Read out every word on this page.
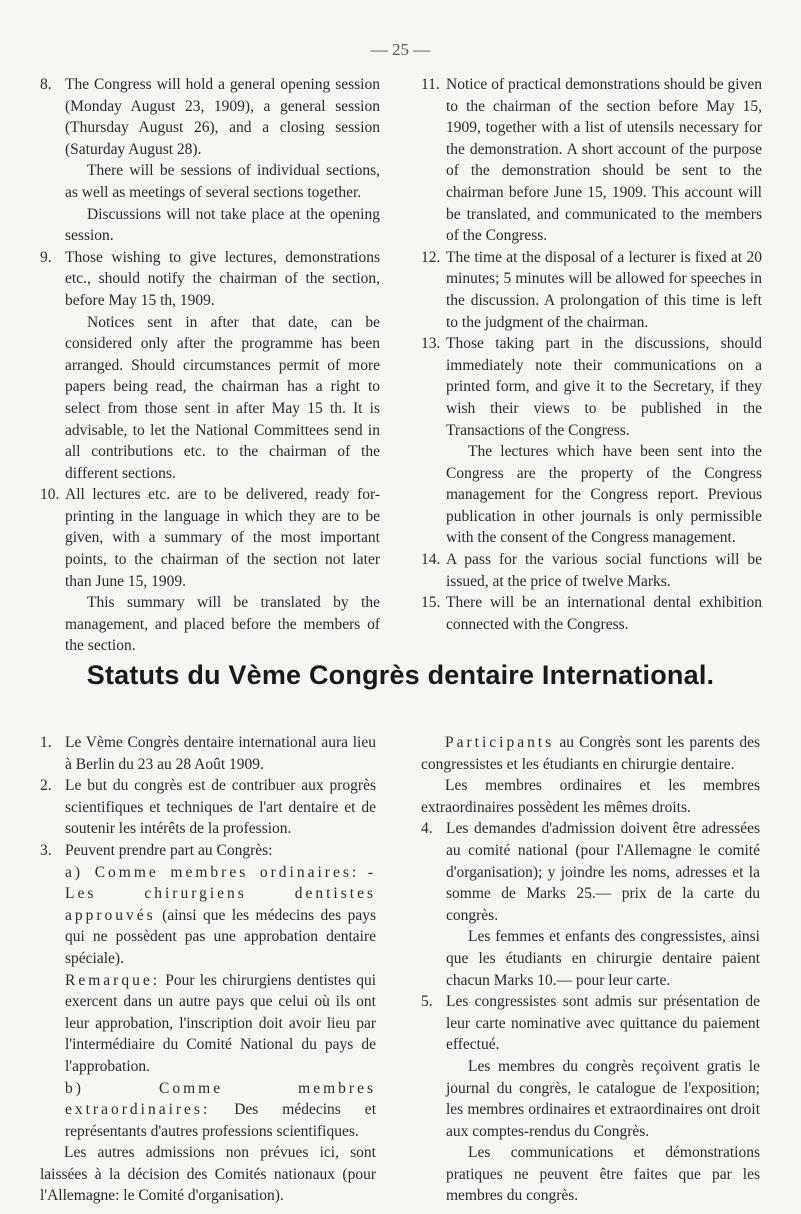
— 25 —
8. The Congress will hold a general opening session (Monday August 23, 1909), a general session (Thursday August 26), and a closing session (Saturday August 28).

There will be sessions of individual sections, as well as meetings of several sections together.

Discussions will not take place at the opening session.

9. Those wishing to give lectures, demonstrations etc., should notify the chairman of the section, before May 15 th, 1909.

Notices sent in after that date, can be considered only after the programme has been arranged. Should circumstances permit of more papers being read, the chairman has a right to select from those sent in after May 15 th. It is advisable, to let the National Committees send in all contributions etc. to the chairman of the different sections.

10. All lectures etc. are to be delivered, ready for-printing in the language in which they are to be given, with a summary of the most important points, to the chairman of the section not later than June 15, 1909.

This summary will be translated by the management, and placed before the members of the section.

11. Notice of practical demonstrations should be given to the chairman of the section before May 15, 1909, together with a list of utensils necessary for the demonstration. A short account of the purpose of the demonstration should be sent to the chairman before June 15, 1909. This account will be translated, and communicated to the members of the Congress.

12. The time at the disposal of a lecturer is fixed at 20 minutes; 5 minutes will be allowed for speeches in the discussion. A prolongation of this time is left to the judgment of the chairman.

13. Those taking part in the discussions, should immediately note their communications on a printed form, and give it to the Secretary, if they wish their views to be published in the Transactions of the Congress.

The lectures which have been sent into the Congress are the property of the Congress management for the Congress report. Previous publication in other journals is only permissible with the consent of the Congress management.

14. A pass for the various social functions will be issued, at the price of twelve Marks.

15. There will be an international dental exhibition connected with the Congress.

Statuts du Vème Congrès dentaire International.
1. Le Vème Congrès dentaire international aura lieu à Berlin du 23 au 28 Août 1909.

2. Le but du congrès est de contribuer aux progrès scientifiques et techniques de l'art dentaire et de soutenir les intérêts de la profession.

3. Peuvent prendre part au Congrès:

a) Comme membres ordinaires: - Les chirurgiens dentistes approuvés (ainsi que les médecins des pays qui ne possèdent pas une approbation dentaire spéciale).

Remarque: Pour les chirurgiens dentistes qui exercent dans un autre pays que celui où ils ont leur approbation, l'inscription doit avoir lieu par l'intermédiaire du Comité National du pays de l'approbation.

b) Comme membres extraordinaires: Des médecins et représentants d'autres professions scientifiques.

Les autres admissions non prévues ici, sont laissées à la décision des Comités nationaux (pour l'Allemagne: le Comité d'organisation).

Participants au Congrès sont les parents des congressistes et les étudiants en chirurgie dentaire.

Les membres ordinaires et les membres extraordinaires possèdent les mêmes droits.

4. Les demandes d'admission doivent être adressées au comité national (pour l'Allemagne le comité d'organisation); y joindre les noms, adresses et la somme de Marks 25.— prix de la carte du congrès.

Les femmes et enfants des congressistes, ainsi que les étudiants en chirurgie dentaire paient chacun Marks 10.— pour leur carte.

5. Les congressistes sont admis sur présentation de leur carte nominative avec quittance du paiement effectué.

Les membres du congrès reçoivent gratis le journal du congrès, le catalogue de l'exposition; les membres ordinaires et extraordinaires ont droit aux comptes-rendus du Congrès.

Les communications et démonstrations pratiques ne peuvent être faites que par les membres du congrès.
